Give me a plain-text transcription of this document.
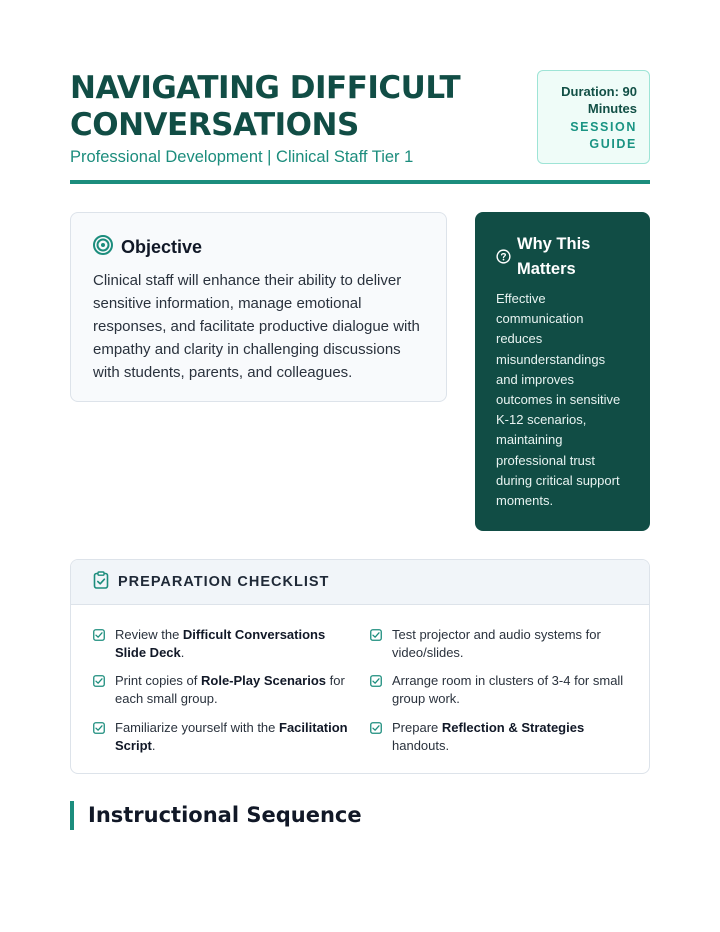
NAVIGATING DIFFICULT CONVERSATIONS
Professional Development | Clinical Staff Tier 1
Duration: 90 Minutes
SESSION GUIDE
Objective

Clinical staff will enhance their ability to deliver sensitive information, manage emotional responses, and facilitate productive dialogue with empathy and clarity in challenging discussions with students, parents, and colleagues.

Why This Matters

Effective communication reduces misunderstandings and improves outcomes in sensitive K-12 scenarios, maintaining professional trust during critical support moments.

PREPARATION CHECKLIST
Review the Difficult Conversations Slide Deck.
Test projector and audio systems for video/slides.
Print copies of Role-Play Scenarios for each small group.
Arrange room in clusters of 3-4 for small group work.
Familiarize yourself with the Facilitation Script.
Prepare Reflection & Strategies handouts.
Instructional Sequence
